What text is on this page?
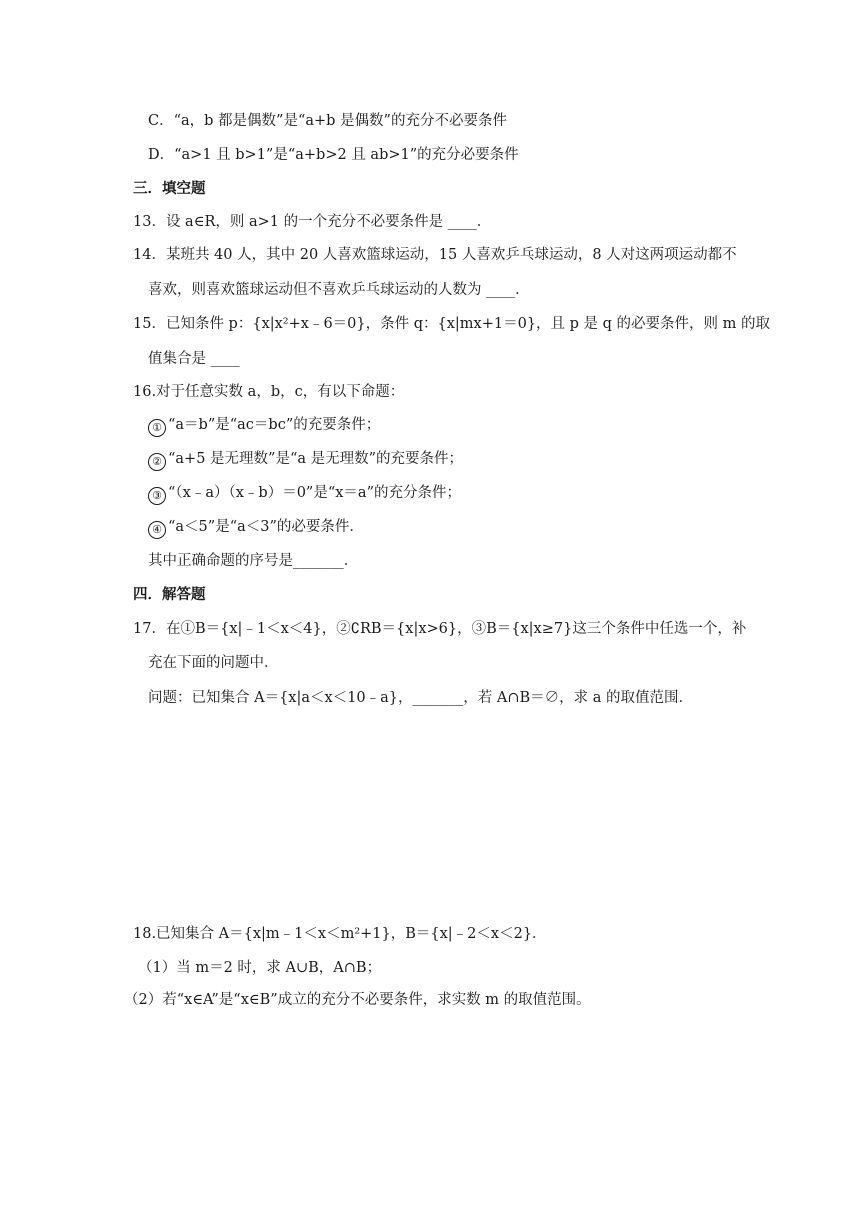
C．“a，b 都是偶数”是“a+b 是偶数”的充分不必要条件
D．“a>1 且 b>1”是“a+b>2 且 ab>1”的充分必要条件
三．填空题
13．设 a∈R，则 a>1 的一个充分不必要条件是 ____．
14．某班共 40 人，其中 20 人喜欢篮球运动，15 人喜欢乒乓球运动，8 人对这两项运动都不
喜欢，则喜欢篮球运动但不喜欢乒乓球运动的人数为 ____．
15．已知条件 p：{x|x²+x﹣6＝0}，条件 q：{x|mx+1＝0}，且 p 是 q 的必要条件，则 m 的取
值集合是 ____
16.对于任意实数 a，b，c，有以下命题：
① “a＝b”是“ac＝bc”的充要条件；
② “a+5 是无理数”是“a 是无理数”的充要条件；
③ “（x﹣a）（x﹣b）＝0”是“x＝a”的充分条件；
④ “a＜5”是“a＜3”的必要条件．
其中正确命题的序号是_______．
四．解答题
17．在①B＝{x|﹣1＜x＜4}，②∁RB＝{x|x>6}，③B＝{x|x≥7}这三个条件中任选一个，补
充在下面的问题中．
问题：已知集合 A＝{x|a＜x＜10﹣a}，_______，若 A∩B＝∅，求 a 的取值范围．
18.已知集合 A＝{x|m﹣1＜x＜m²+1}，B＝{x|﹣2＜x＜2}．
（1）当 m＝2 时，求 A∪B，A∩B；
（2）若“x∈A”是“x∈B”成立的充分不必要条件，求实数 m 的取值范围。
